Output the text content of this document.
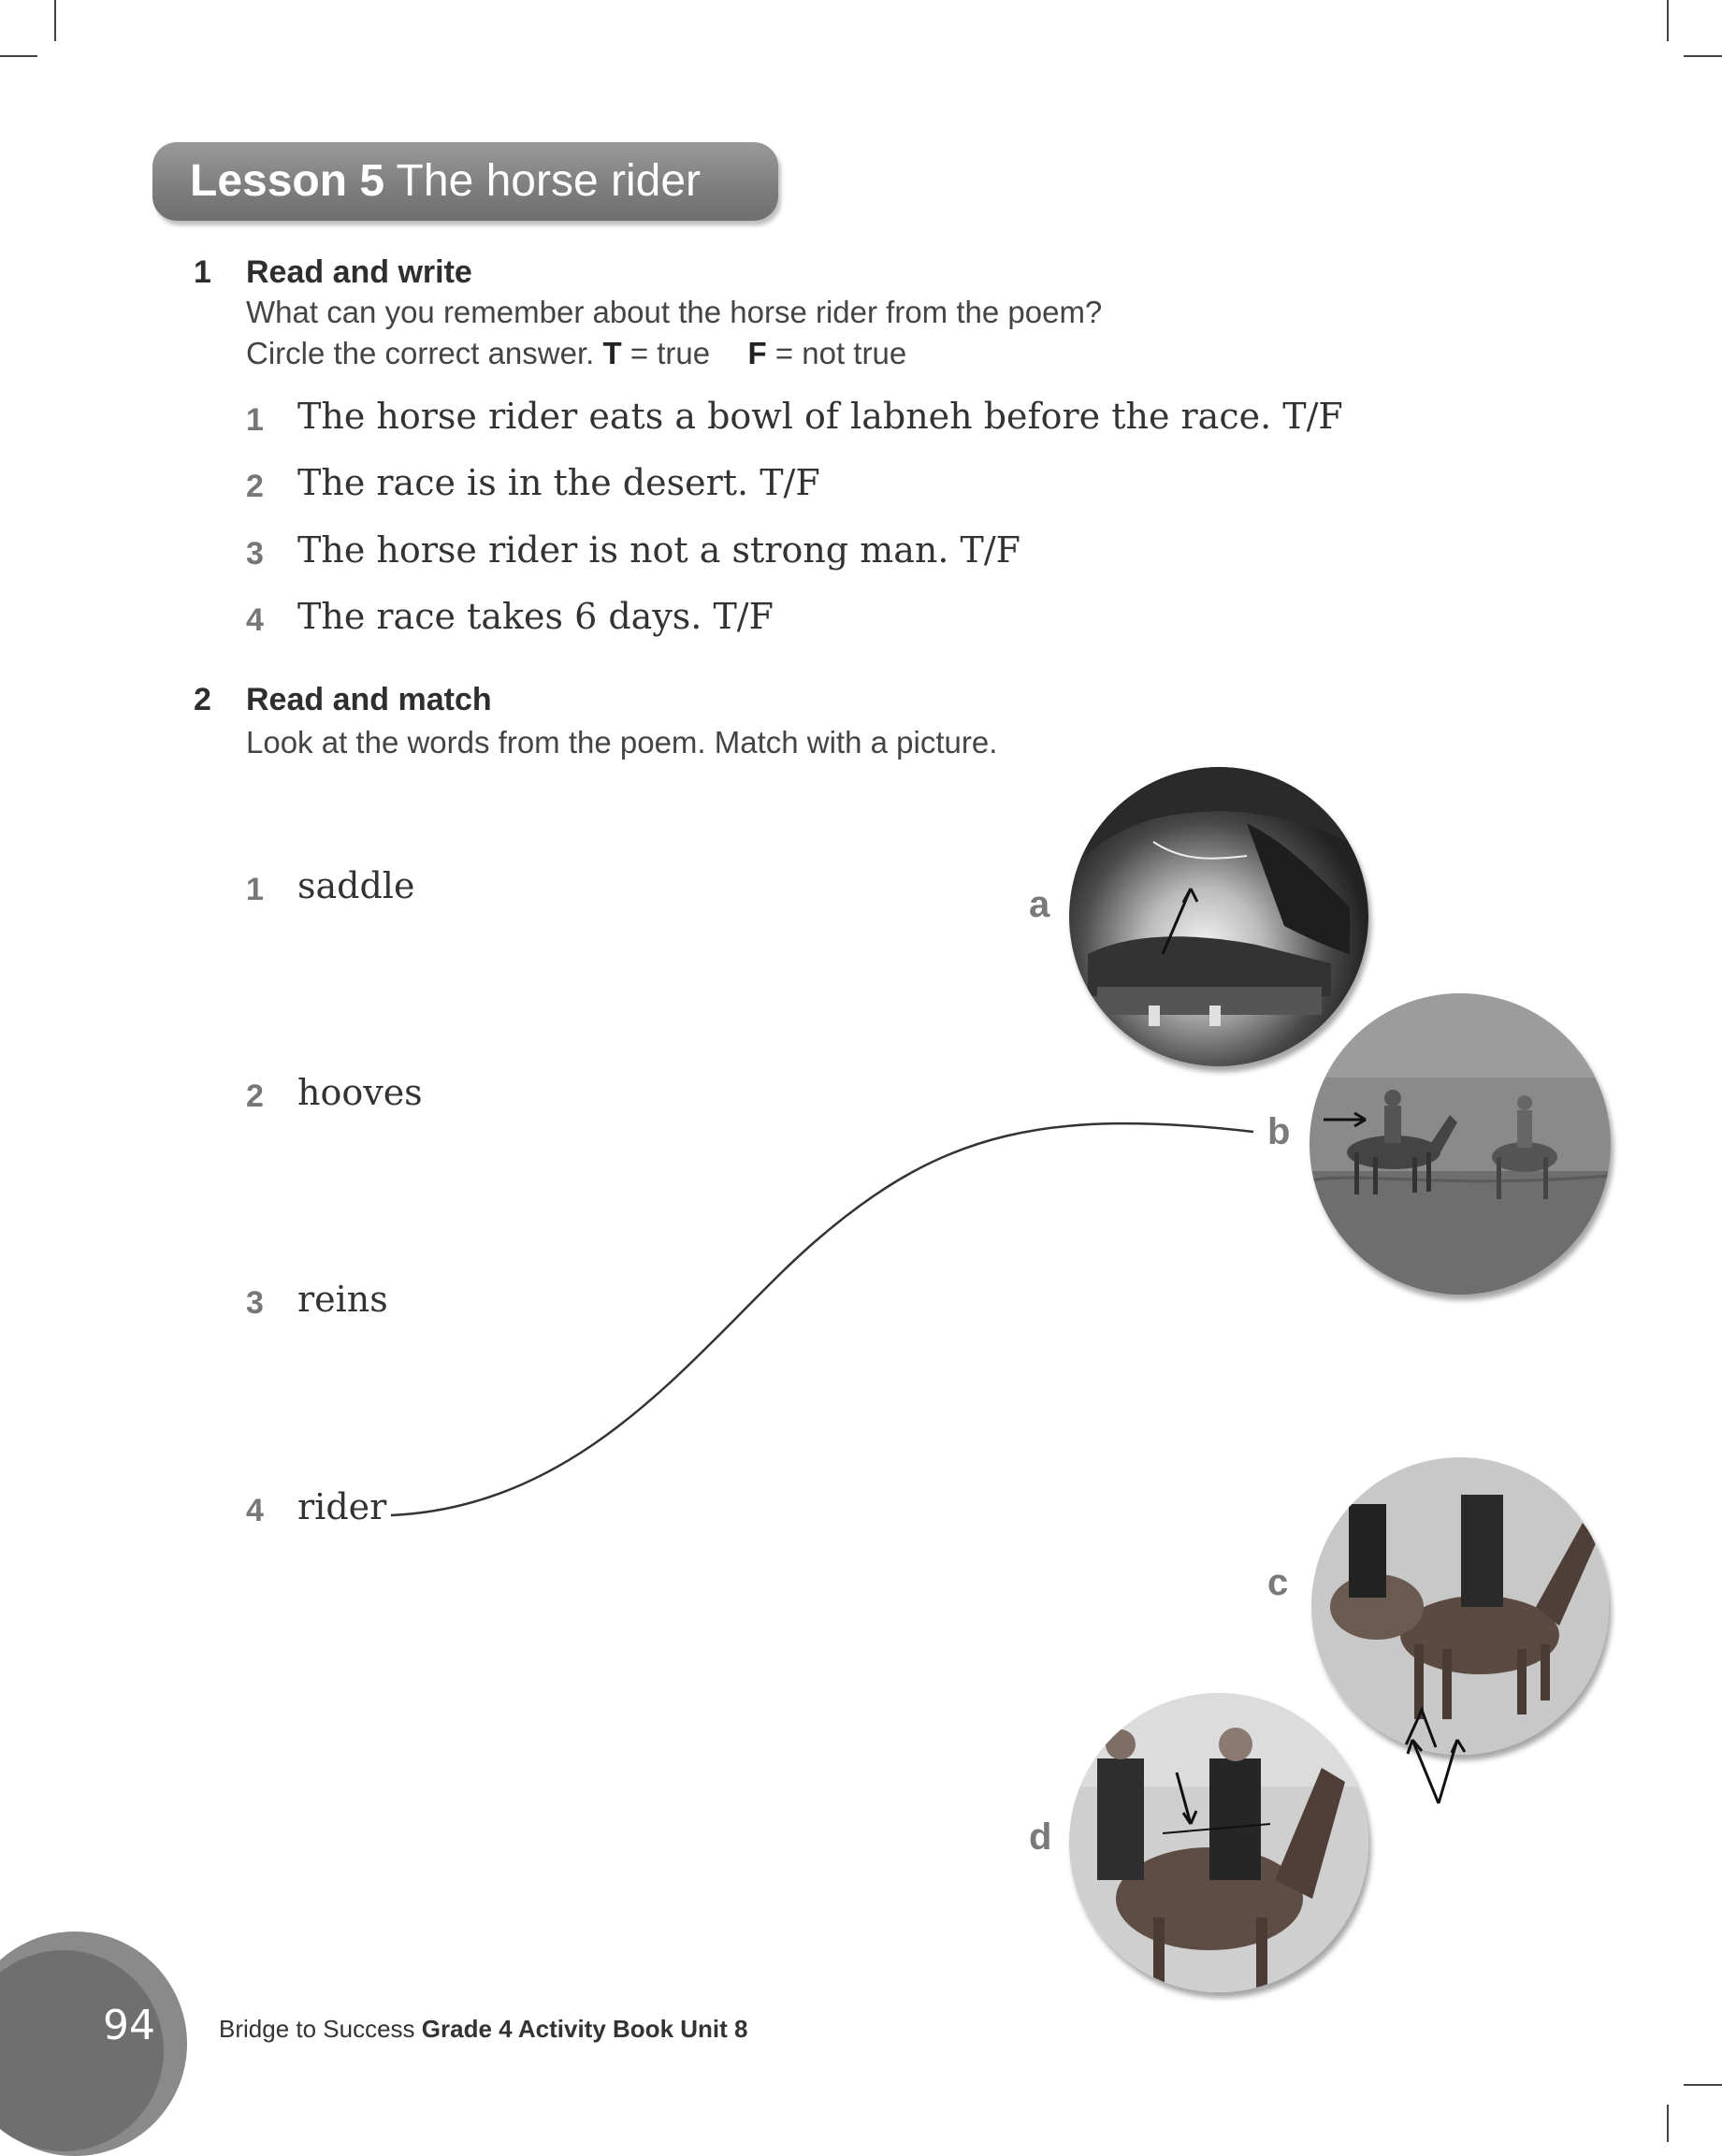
Lesson 5 The horse rider
1 Read and write
What can you remember about the horse rider from the poem?
Circle the correct answer. T = true F = not true
1 The horse rider eats a bowl of labneh before the race. T/F
2 The race is in the desert. T/F
3 The horse rider is not a strong man. T/F
4 The race takes 6 days. T/F
2 Read and match
Look at the words from the poem. Match with a picture.
1 saddle
2 hooves
3 reins
4 rider
a
b
c
d
94	Bridge to Success Grade 4 Activity Book Unit 8
